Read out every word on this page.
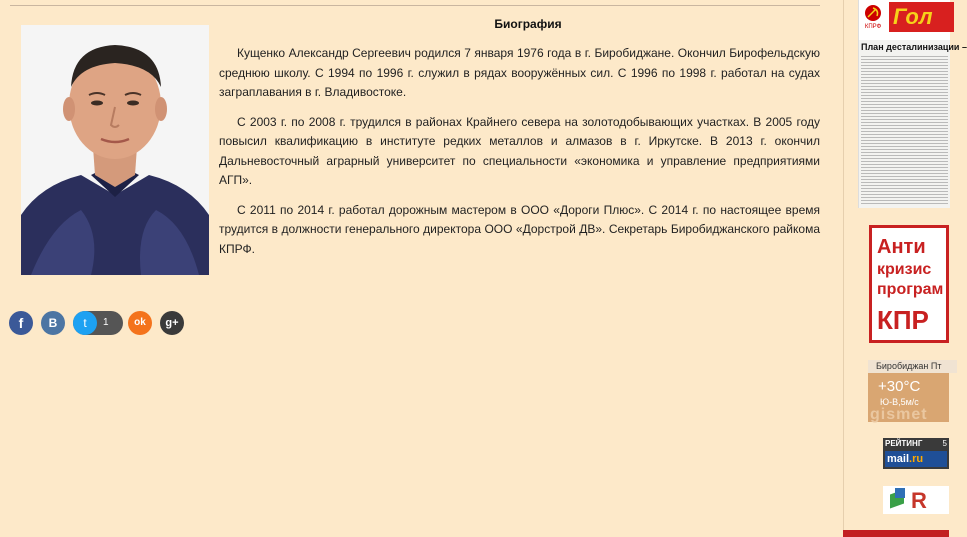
Биография

Кущенко Александр Сергеевич родился 7 января 1976 года в г. Биробиджане. Окончил Бирофельдскую среднюю школу. С 1994 по 1996 г. служил в рядах вооружённых сил. С 1996 по 1998 г. работал на судах заграплавания в г. Владивостоке.

С 2003 г. по 2008 г. трудился в районах Крайнего севера на золотодобывающих участках. В 2005 году повысил квалификацию в институте редких металлов и алмазов в г. Иркутске. В 2013 г. окончил Дальневосточный аграрный университет по специальности «экономика и управление предприятиями АГП».

С 2011 по 2014 г. работал дорожным мастером в ООО «Дороги Плюс». С 2014 г. по настоящее время трудится в должности генерального директора ООО «Дорстрой ДВ». Секретарь Биробиджанского райкома КПРФ.

f	B	ok	g+
t	1
КПРФ Гол
План деcталинизации –
Анти
кризис
програм
КПР
Биробиджан Пт
+30°C
Ю-В,5м/с
gismet
РЕЙТИНГ	5
mail.ru
R
